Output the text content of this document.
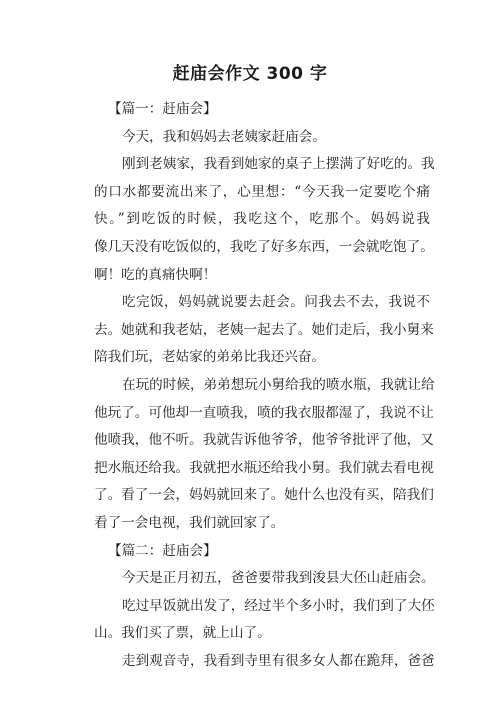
赶庙会作文 300 字
【篇一：赶庙会】
今天，我和妈妈去老姨家赶庙会。
刚到老姨家，我看到她家的桌子上摆满了好吃的。我
的口水都要流出来了，心里想：“今天我一定要吃个痛
快。”到吃饭的时候，我吃这个，吃那个。妈妈说我
像几天没有吃饭似的，我吃了好多东西，一会就吃饱了。
啊！吃的真痛快啊！
吃完饭，妈妈就说要去赶会。问我去不去，我说不
去。她就和我老姑，老姨一起去了。她们走后，我小舅来
陪我们玩，老姑家的弟弟比我还兴奋。
在玩的时候，弟弟想玩小舅给我的喷水瓶，我就让给
他玩了。可他却一直喷我，喷的我衣服都湿了，我说不让
他喷我，他不听。我就告诉他爷爷，他爷爷批评了他，又
把水瓶还给我。我就把水瓶还给我小舅。我们就去看电视
了。看了一会，妈妈就回来了。她什么也没有买，陪我们
看了一会电视，我们就回家了。
【篇二：赶庙会】
今天是正月初五，爸爸要带我到浚县大伾山赶庙会。
吃过早饭就出发了，经过半个多小时，我们到了大伾
山。我们买了票，就上山了。
走到观音寺，我看到寺里有很多女人都在跪拜，爸爸
